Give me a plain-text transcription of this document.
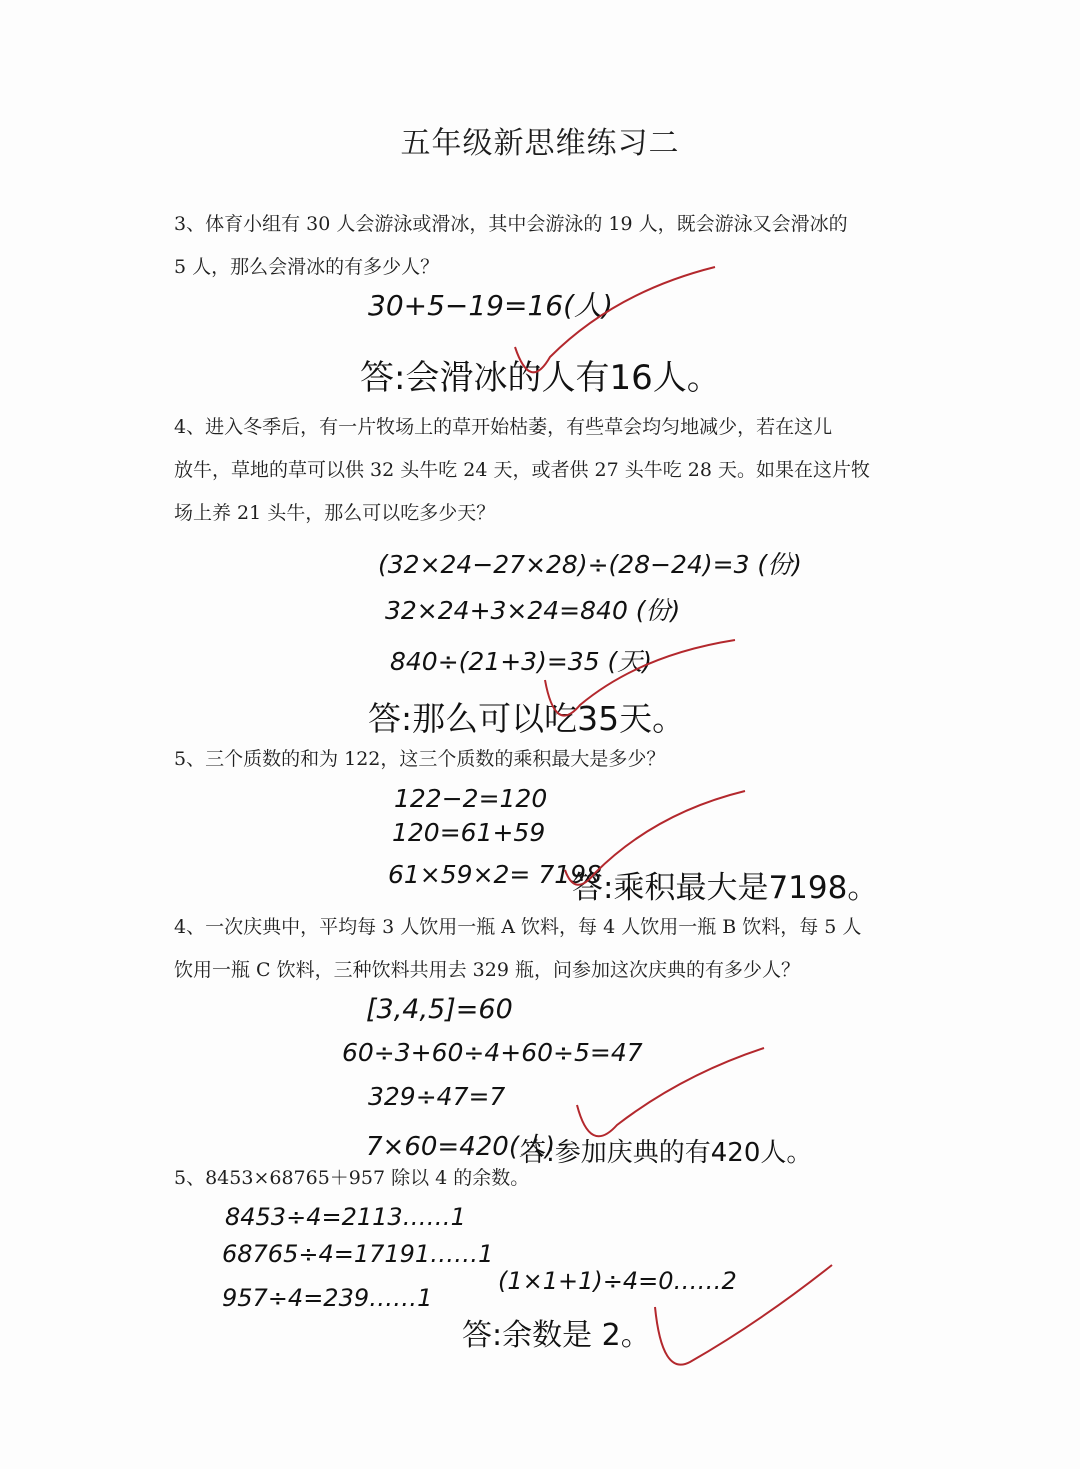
五年级新思维练习二
3、体育小组有 30 人会游泳或滑冰，其中会游泳的 19 人，既会游泳又会滑冰的
5 人，那么会滑冰的有多少人？
30+5−19=16(人)
答:会滑冰的人有16人。
4、进入冬季后，有一片牧场上的草开始枯萎，有些草会均匀地减少，若在这儿
放牛，草地的草可以供 32 头牛吃 24 天，或者供 27 头牛吃 28 天。如果在这片牧
场上养 21 头牛，那么可以吃多少天？
(32×24−27×28)÷(28−24)=3 (份)
32×24+3×24=840 (份)
840÷(21+3)=35 (天)
答:那么可以吃35天。
5、三个质数的和为 122，这三个质数的乘积最大是多少？
122−2=120
120=61+59
61×59×2= 7198
答:乘积最大是7198。
4、一次庆典中，平均每 3 人饮用一瓶 A 饮料，每 4 人饮用一瓶 B 饮料，每 5 人
饮用一瓶 C 饮料，三种饮料共用去 329 瓶，问参加这次庆典的有多少人？
[3,4,5]=60
60÷3+60÷4+60÷5=47
329÷47=7
7×60=420(人)
答:参加庆典的有420人。
5、8453×68765＋957 除以 4 的余数。
8453÷4=2113……1
68765÷4=17191……1
957÷4=239……1
(1×1+1)÷4=0……2
答:余数是 2。
